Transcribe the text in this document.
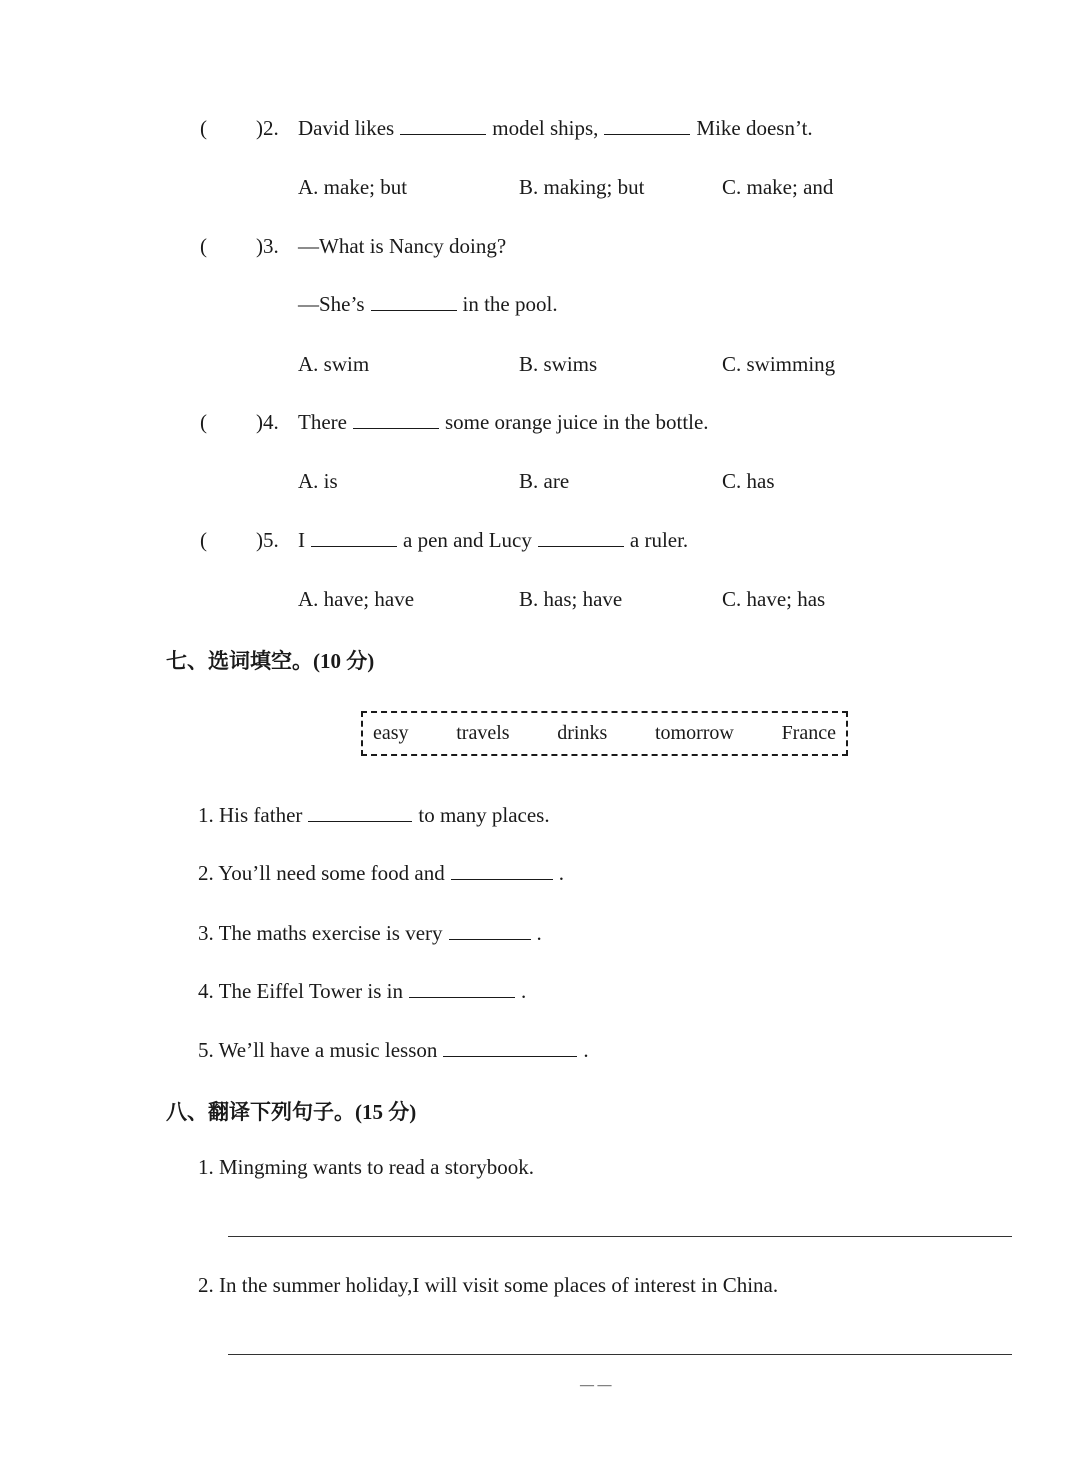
( )2. David likes	model ships,	Mike doesn’t.
A. make; but	B. making; but	C. make; and
( )3. —What is Nancy doing?
—She’s	in the pool.
A. swim	B. swims	C. swimming
( )4. There	some orange juice in the bottle.
A. is	B. are	C. has
( )5. I	a pen and Lucy	a ruler.
A. have; have	B. has; have	C. have; has
七、选词填空。(10 分)
easy travels drinks tomorrow France
1. His father	to many places.
2. You’ll need some food and	.
3. The maths exercise is very	.
4. The Eiffel Tower is in	.
5. We’ll have a music lesson	.
八、翻译下列句子。(15 分)
1. Mingming wants to read a storybook.
2. In the summer holiday,I will visit some places of interest in China.
— —
